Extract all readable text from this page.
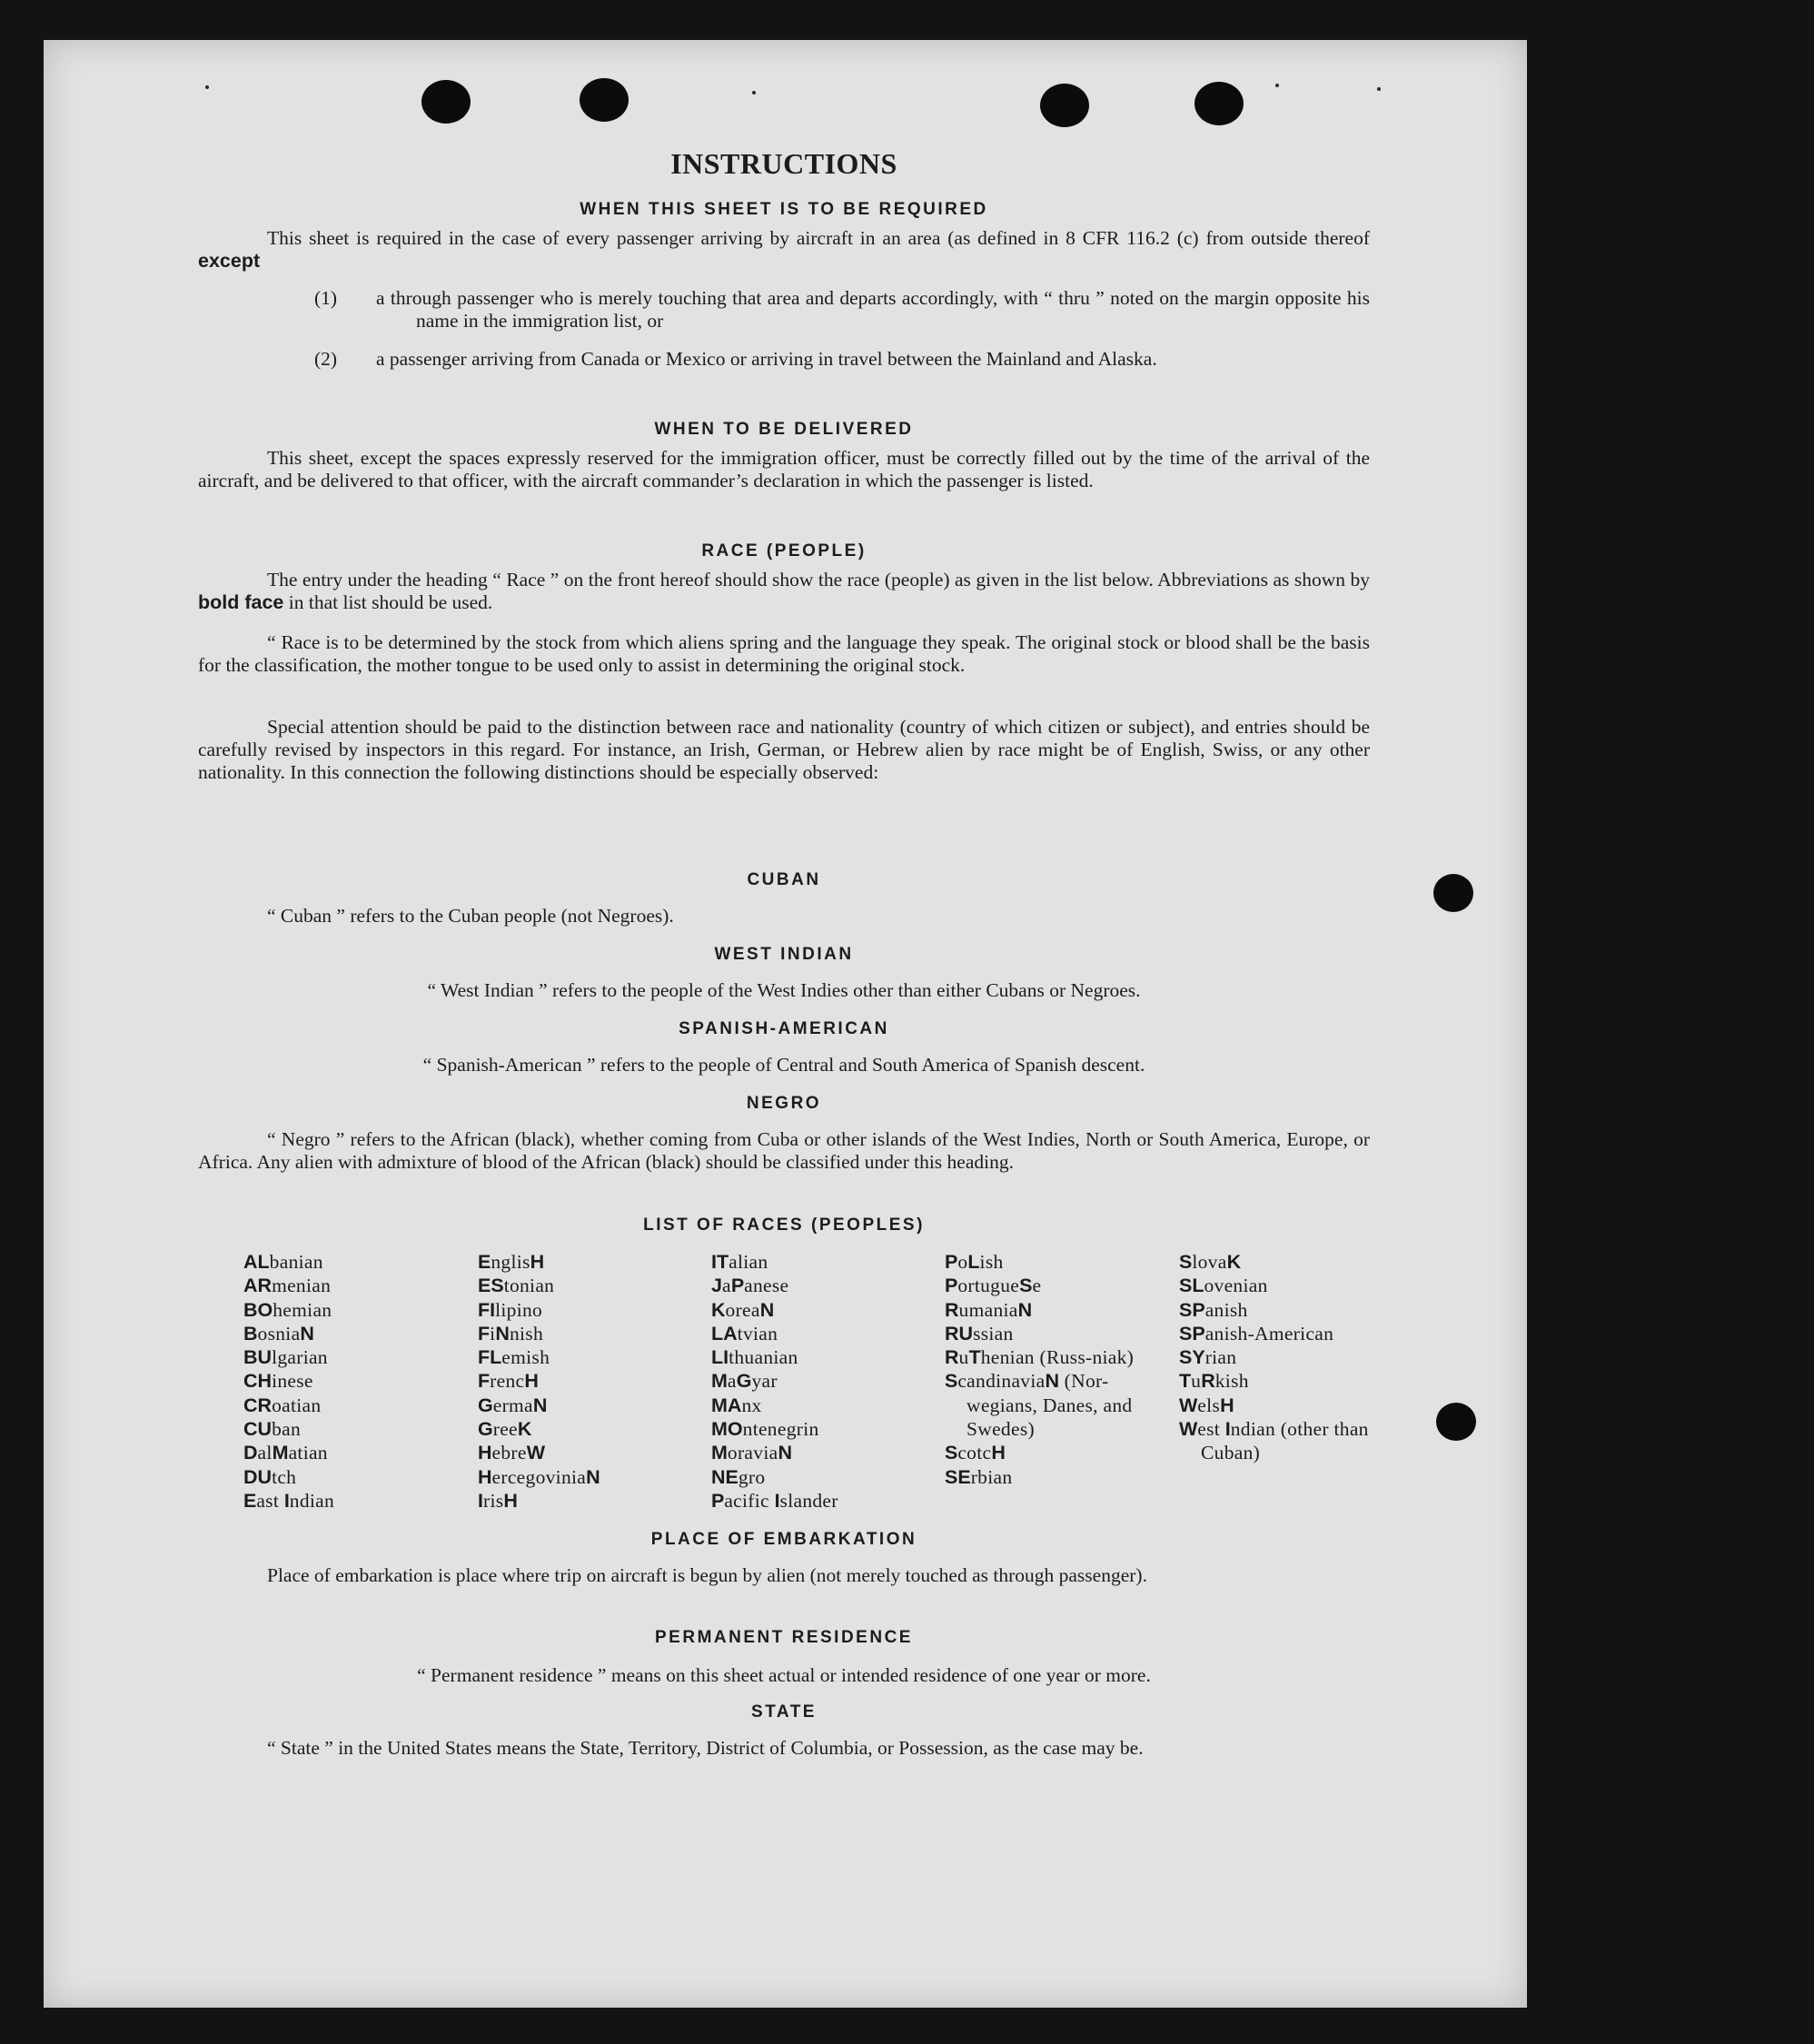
INSTRUCTIONS
WHEN THIS SHEET IS TO BE REQUIRED

This sheet is required in the case of every passenger arriving by aircraft in an area (as defined in 8 CFR 116.2 (c) from outside thereof except

(1) a through passenger who is merely touching that area and departs accordingly, with “ thru ” noted on the margin opposite his name in the immigration list, or

(2) a passenger arriving from Canada or Mexico or arriving in travel between the Mainland and Alaska.

WHEN TO BE DELIVERED

This sheet, except the spaces expressly reserved for the immigration officer, must be correctly filled out by the time of the arrival of the aircraft, and be delivered to that officer, with the aircraft commander’s declaration in which the passenger is listed.

RACE (PEOPLE)

The entry under the heading “ Race ” on the front hereof should show the race (people) as given in the list below. Abbreviations as shown by bold face in that list should be used.

“ Race is to be determined by the stock from which aliens spring and the language they speak. The original stock or blood shall be the basis for the classification, the mother tongue to be used only to assist in determining the original stock.

Special attention should be paid to the distinction between race and nationality (country of which citizen or subject), and entries should be carefully revised by inspectors in this regard. For instance, an Irish, German, or Hebrew alien by race might be of English, Swiss, or any other nationality. In this connection the following distinctions should be especially observed:

CUBAN

“ Cuban ” refers to the Cuban people (not Negroes).

WEST INDIAN

“ West Indian ” refers to the people of the West Indies other than either Cubans or Negroes.

SPANISH-AMERICAN

“ Spanish-American ” refers to the people of Central and South America of Spanish descent.

NEGRO

“ Negro ” refers to the African (black), whether coming from Cuba or other islands of the West Indies, North or South America, Europe, or Africa. Any alien with admixture of blood of the African (black) should be classified under this heading.

LIST OF RACES (PEOPLES)
ALbanian
ARmenian
BOhemian
BosniaN
BUlgarian
CHinese
CRoatian
CUban
DalMatian
DUtch
East Indian
EnglisH
EStonian
FIlipino
FiNnish
FLemish
FrencH
GermaN
GreeK
HebreW
HercegoviniaN
IrisH
ITalian
JaPanese
KoreaN
LAtvian
LIthuanian
MaGyar
MAnx
MOntenegrin
MoraviaN
NEgro
Pacific Islander
PoLish
PortugueSe
RumaniaN
RUssian
RuThenian (Russ-niak)
ScandinaviaN (Nor-wegians, Danes, and Swedes)
ScotcH
SErbian
SlovaK
SLovenian
SPanish
SPanish-American
SYrian
TuRkish
WelsH
West Indian (other than Cuban)
PLACE OF EMBARKATION

Place of embarkation is place where trip on aircraft is begun by alien (not merely touched as through passenger).

PERMANENT RESIDENCE

“ Permanent residence ” means on this sheet actual or intended residence of one year or more.

STATE

“ State ” in the United States means the State, Territory, District of Columbia, or Possession, as the case may be.
